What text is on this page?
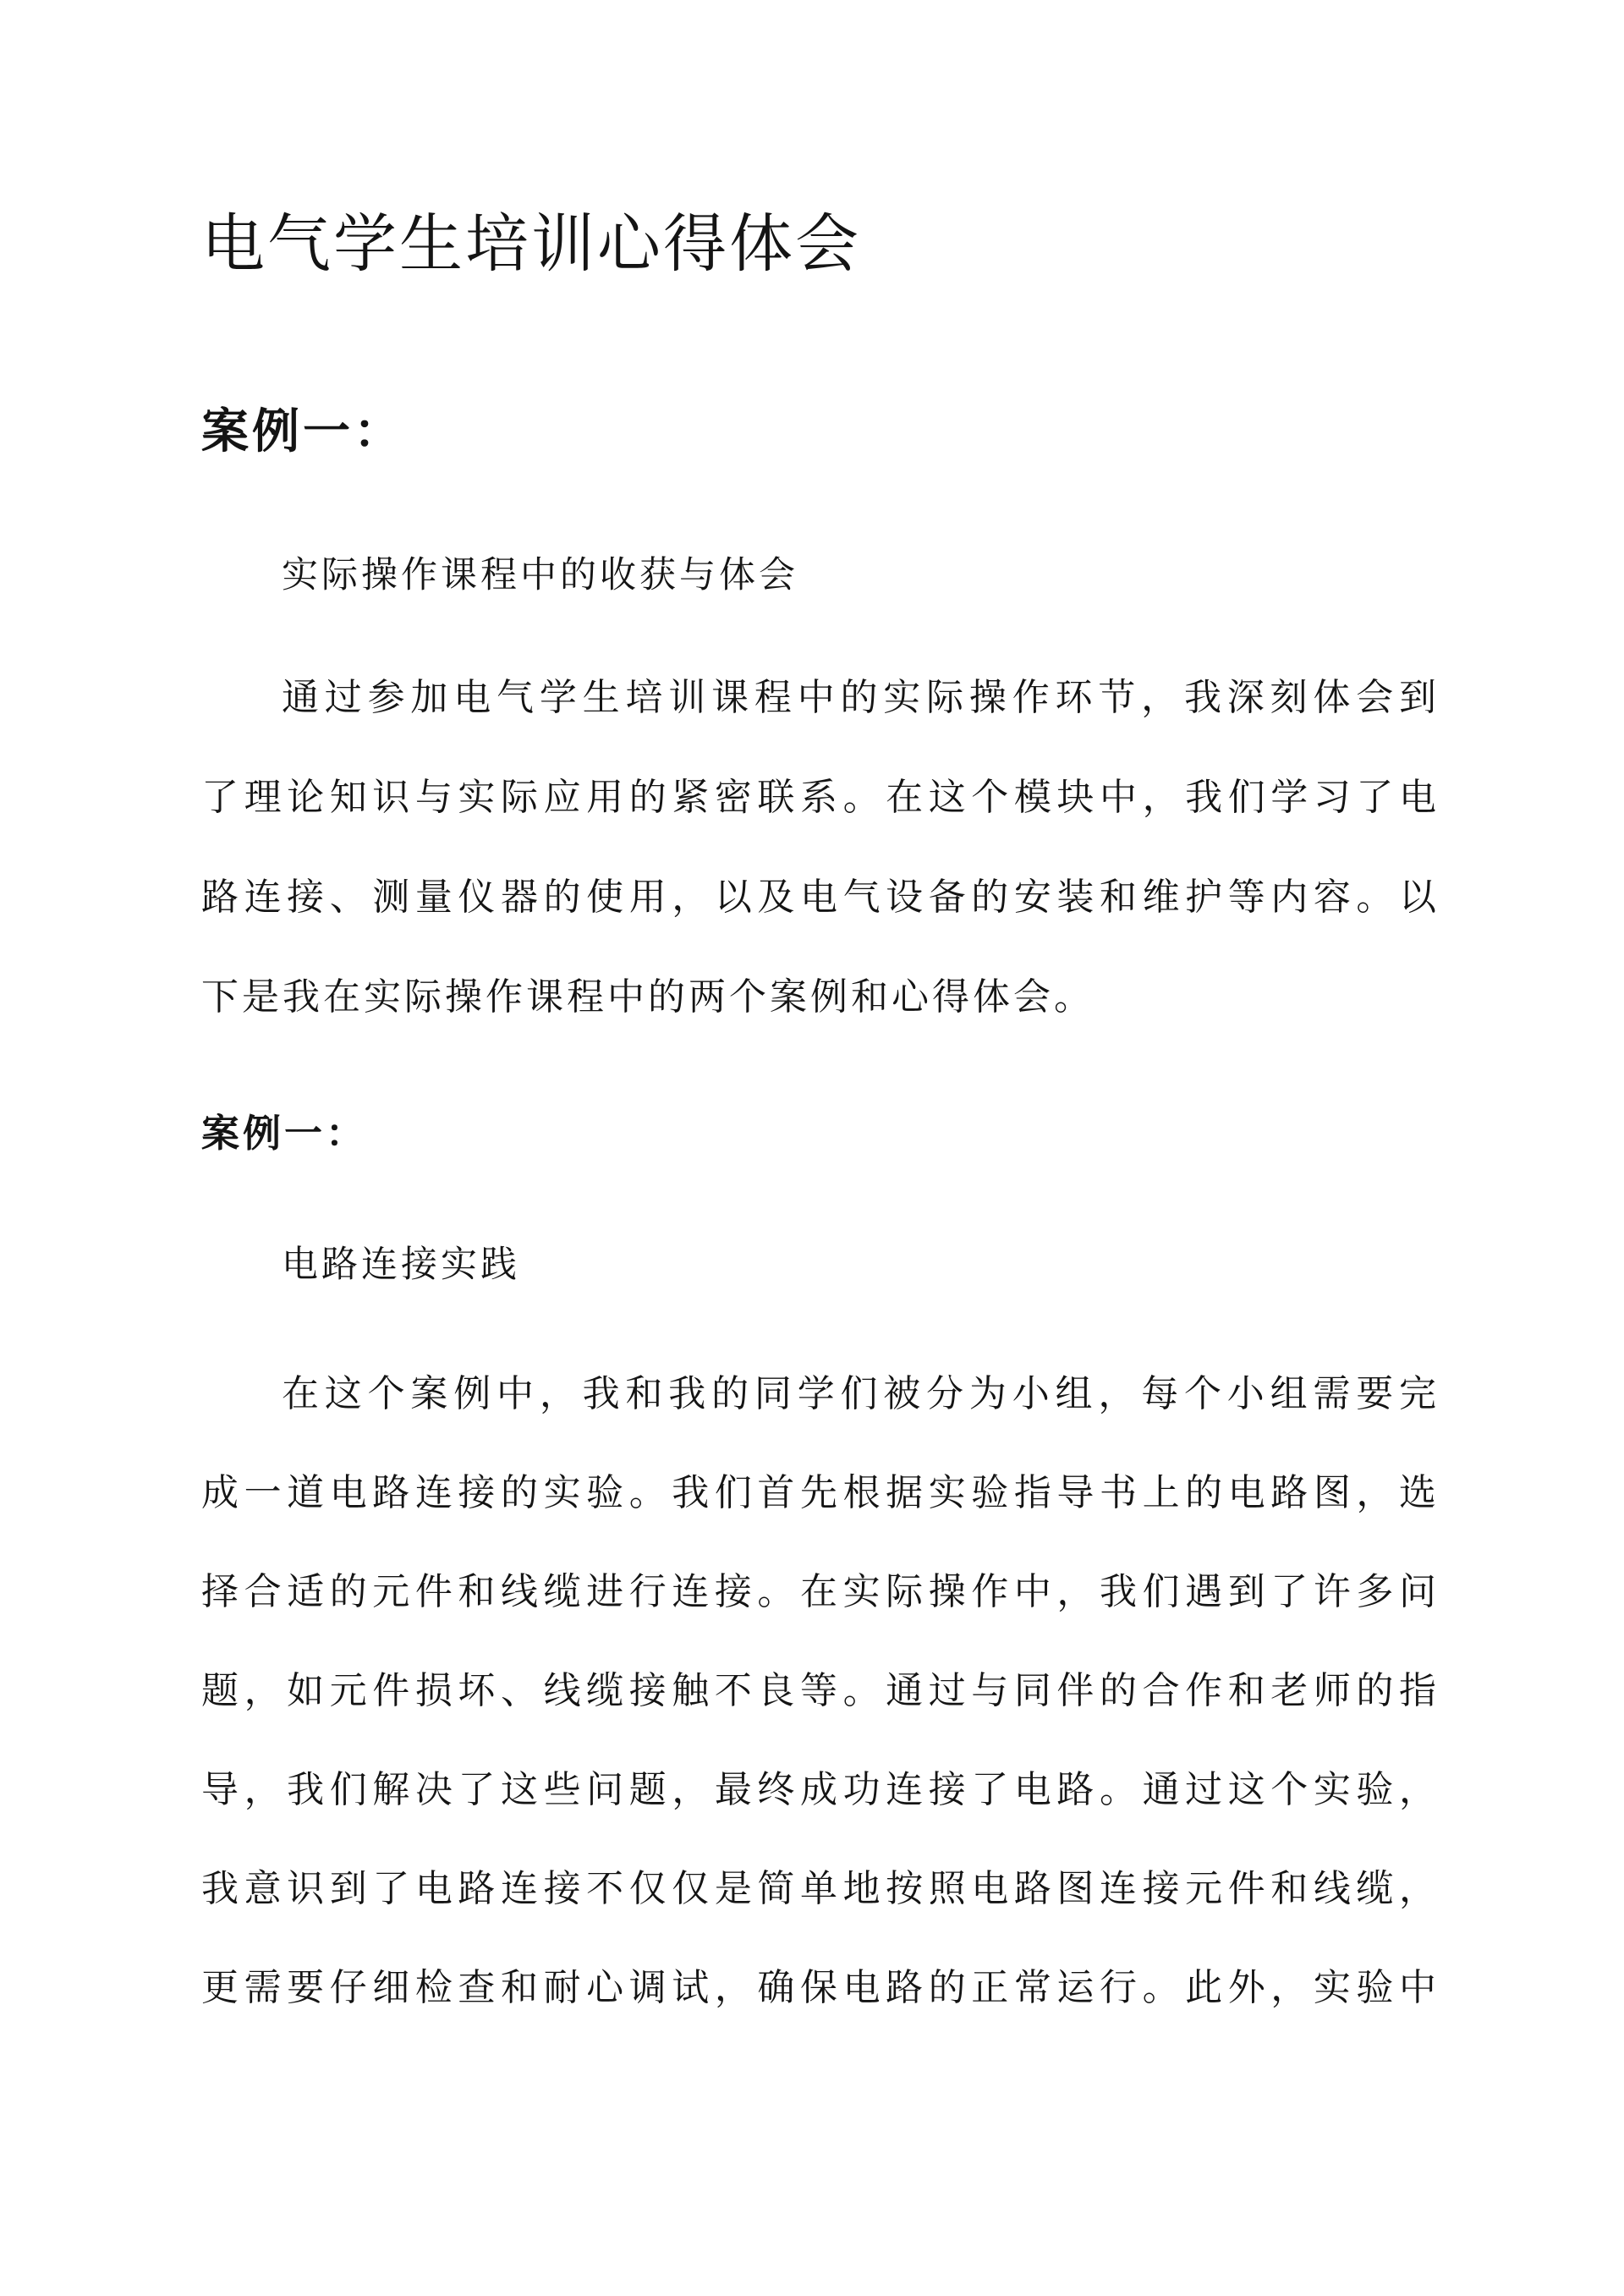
电气学生培训心得体会
案例一：

实际操作课程中的收获与体会

通过参加电气学生培训课程中的实际操作环节，我深刻体会到
了理论知识与实际应用的紧密联系。在这个模块中，我们学习了电
路连接、测量仪器的使用，以及电气设备的安装和维护等内容。以
下是我在实际操作课程中的两个案例和心得体会。
案例一：

电路连接实践

在这个案例中，我和我的同学们被分为小组，每个小组需要完
成一道电路连接的实验。我们首先根据实验指导书上的电路图，选
择合适的元件和线缆进行连接。在实际操作中，我们遇到了许多问
题，如元件损坏、线缆接触不良等。通过与同伴的合作和老师的指
导，我们解决了这些问题，最终成功连接了电路。通过这个实验，
我意识到了电路连接不仅仅是简单地按照电路图连接元件和线缆，
更需要仔细检查和耐心调试，确保电路的正常运行。此外，实验中
